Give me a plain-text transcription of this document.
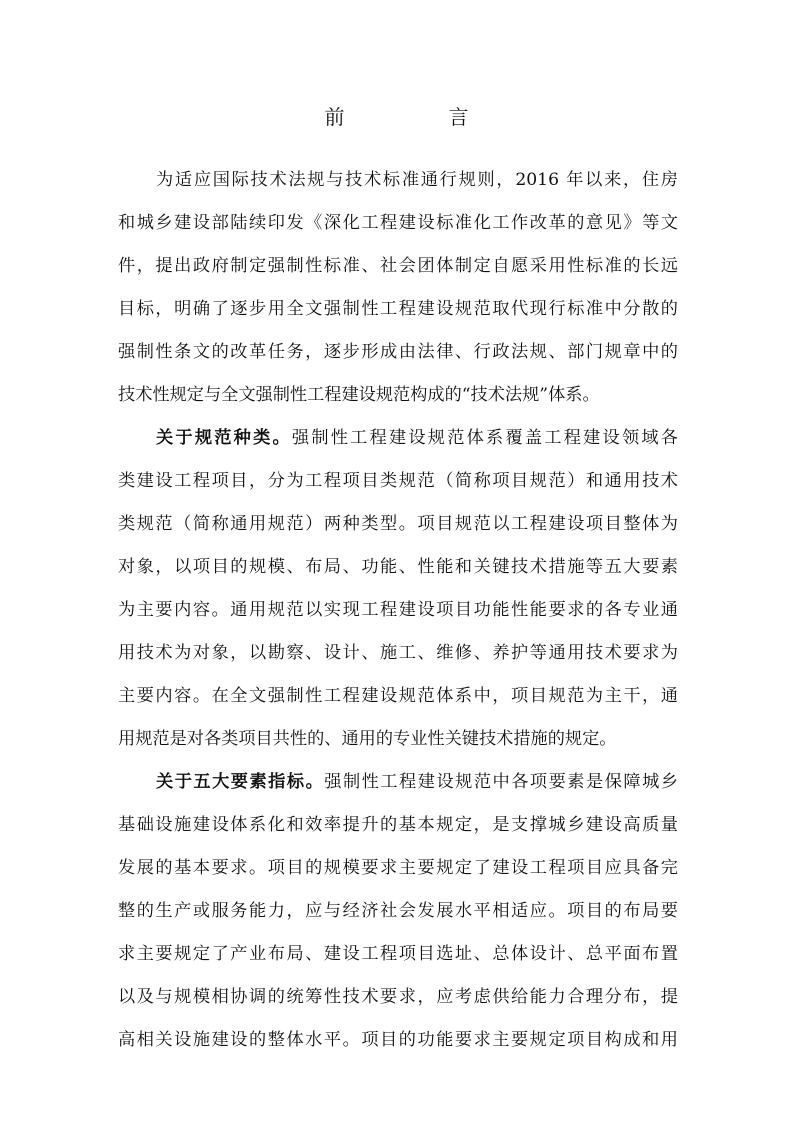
前　言
为适应国际技术法规与技术标准通行规则，2016 年以来，住房
和城乡建设部陆续印发《深化工程建设标准化工作改革的意见》等文
件，提出政府制定强制性标准、社会团体制定自愿采用性标准的长远
目标，明确了逐步用全文强制性工程建设规范取代现行标准中分散的
强制性条文的改革任务，逐步形成由法律、行政法规、部门规章中的
技术性规定与全文强制性工程建设规范构成的“技术法规”体系。
关于规范种类。强制性工程建设规范体系覆盖工程建设领域各
类建设工程项目，分为工程项目类规范（简称项目规范）和通用技术
类规范（简称通用规范）两种类型。项目规范以工程建设项目整体为
对象，以项目的规模、布局、功能、性能和关键技术措施等五大要素
为主要内容。通用规范以实现工程建设项目功能性能要求的各专业通
用技术为对象，以勘察、设计、施工、维修、养护等通用技术要求为
主要内容。在全文强制性工程建设规范体系中，项目规范为主干，通
用规范是对各类项目共性的、通用的专业性关键技术措施的规定。
关于五大要素指标。强制性工程建设规范中各项要素是保障城乡
基础设施建设体系化和效率提升的基本规定，是支撑城乡建设高质量
发展的基本要求。项目的规模要求主要规定了建设工程项目应具备完
整的生产或服务能力，应与经济社会发展水平相适应。项目的布局要
求主要规定了产业布局、建设工程项目选址、总体设计、总平面布置
以及与规模相协调的统筹性技术要求，应考虑供给能力合理分布，提
高相关设施建设的整体水平。项目的功能要求主要规定项目构成和用
